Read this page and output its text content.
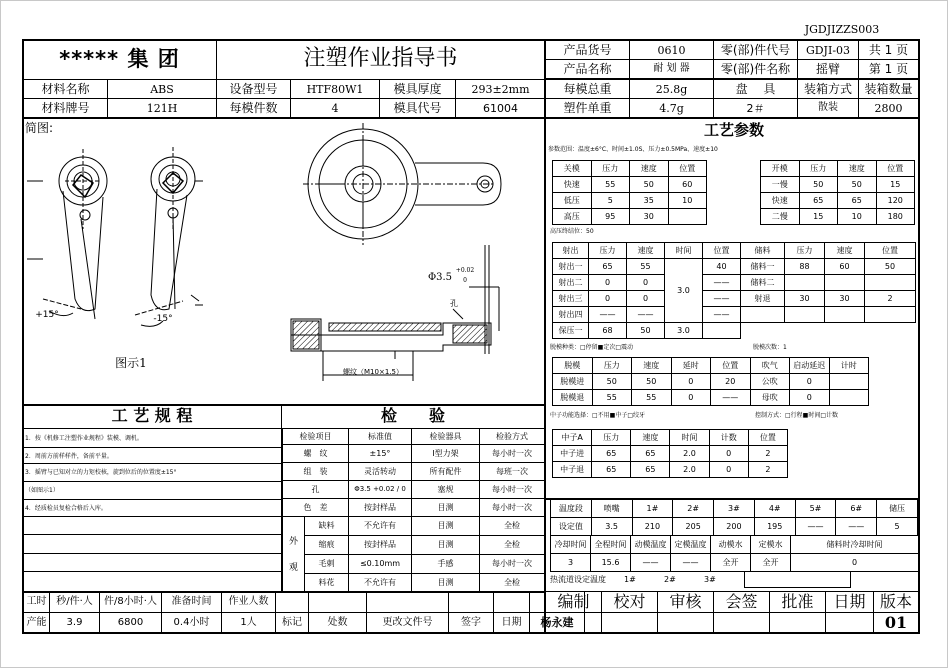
JGDJⅠZZS003
***** 集 团	注塑作业指导书	产品货号	0610	零(部)件代号	GDJⅠ-03	共 1 页
产品名称	耐 划 器	零(部)件名称	摇臂	第 1 页
材料名称	ABS	设备型号	HTF80W1	模具厚度	293±2mm
材料牌号	121H	每模件数	4	模具代号	61004
每模总重	25.8g	盘　 具	装箱方式	装箱数量
塑件单重	4.7g	2＃	散装	2800
简图:
+15°	-15°
图示1
Φ3.5
+0.02
0
孔
螺纹（M10×1.5）
工 艺 规 程
1．按《机修工注塑作业规程》装模、调机。
2．周前方前样样件，备前平量。
3．摇臂与已知对立的力矩校核，旋到位后的位置度±15°
（如图示1）
4．经质检员复检合格后入库。
检　　验
检验项目	标准值	检验器具	检验方式
螺　纹	±15°	Ⅰ型力架	每小时一次
组　装	灵活转动	所有配件	每班一次
孔	Φ3.5 +0.02 / 0	塞规	每小时一次
色　差	按封样品	目测	每小时一次
外　观	缺料	不允许有	目测	全检
	缩痕	按封样品	目测	全检
	毛刺	≤0.10mm	手感	每小时一次
	料花	不允许有	目测	全检
工时	秒/件·人	件/8小时·人	准备时间	作业人数						
产能	3.9	6800	0.4小时	1人	标记	处数	更改文件号	签字	日期	杨永建
编制	校对	审核	会签	批准	日期	版本
						01
工艺参数
参数范围：温度±6°C、时间±1.0S、压力±0.5MPa、速度±10
关模	压力	速度	位置
快速	55	50	60
低压	5	35	10
高压	95	30	
开模	压力	速度	位置
一慢	50	50	15
快速	65	65	120
二慢	15	10	180
高压终结位：50
射出	压力	速度	时间	位置	储料	压力	速度	位置
射出一	65	55	3.0	40	储料一	88	60	50
射出二	0	0		——	储料二			
射出三	0	0		——	射退	30	30	2
射出四	——	——		——				
保压一	68	50	3.0					
脱模种类：□停留■定次□震动	脱模次数：1
脱模	压力	速度	延时	位置	吹气	启动延迟	计时
脱模进	50	50	0	20	公吹	0	
脱模退	55	55	0	——	母吹	0	
中子功能选择：□不用■中子□绞牙	控制方式：□行程■时间□计数
中子A	压力	速度	时间	计数	位置
中子进	65	65	2.0	0	2
中子退	65	65	2.0	0	2
温度段	喷嘴	1#	2#	3#	4#	5#	6#	储压
设定值	3.5	210	205	200	195	——	——	5
冷却时间	全程时间	动模温度	定模温度	动模水	定模水	储料时冷却时间
3	15.6	——	——	全开	全开	0
热流道设定温度	1#	2#	3#	
